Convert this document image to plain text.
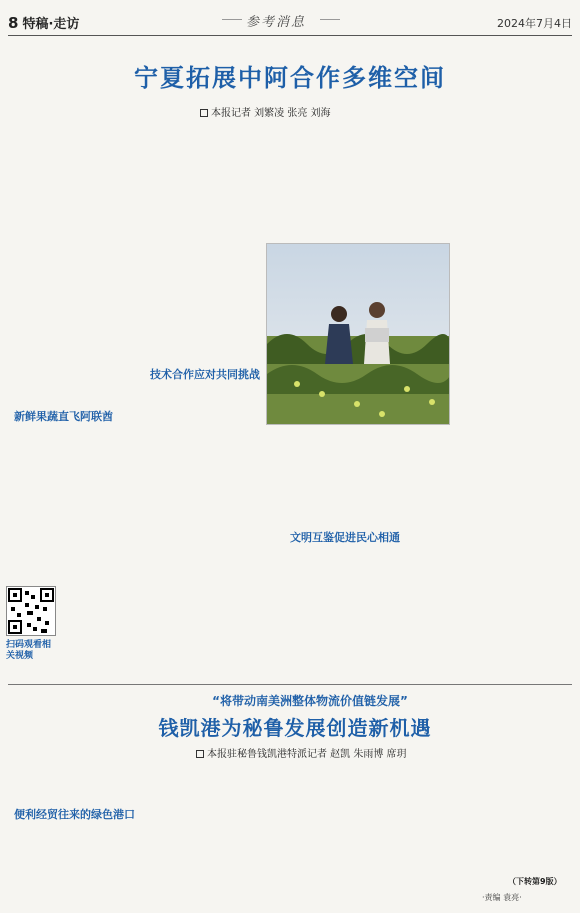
8 特稿·走访	参考消息	2024年7月4日
宁夏拓展中阿合作多维空间
本报记者 刘繁凌 张亮 刘海
新鲜果蔬直飞阿联酋
扫码观看相关视频
技术合作应对共同挑战
文明互鉴促进民心相通
“将带动南美洲整体物流价值链发展”
钱凯港为秘鲁发展创造新机遇
本报驻秘鲁钱凯港特派记者 赵凯 朱雨博 席玥
便利经贸往来的绿色港口
（下转第9版）
·责编 袁亮·
